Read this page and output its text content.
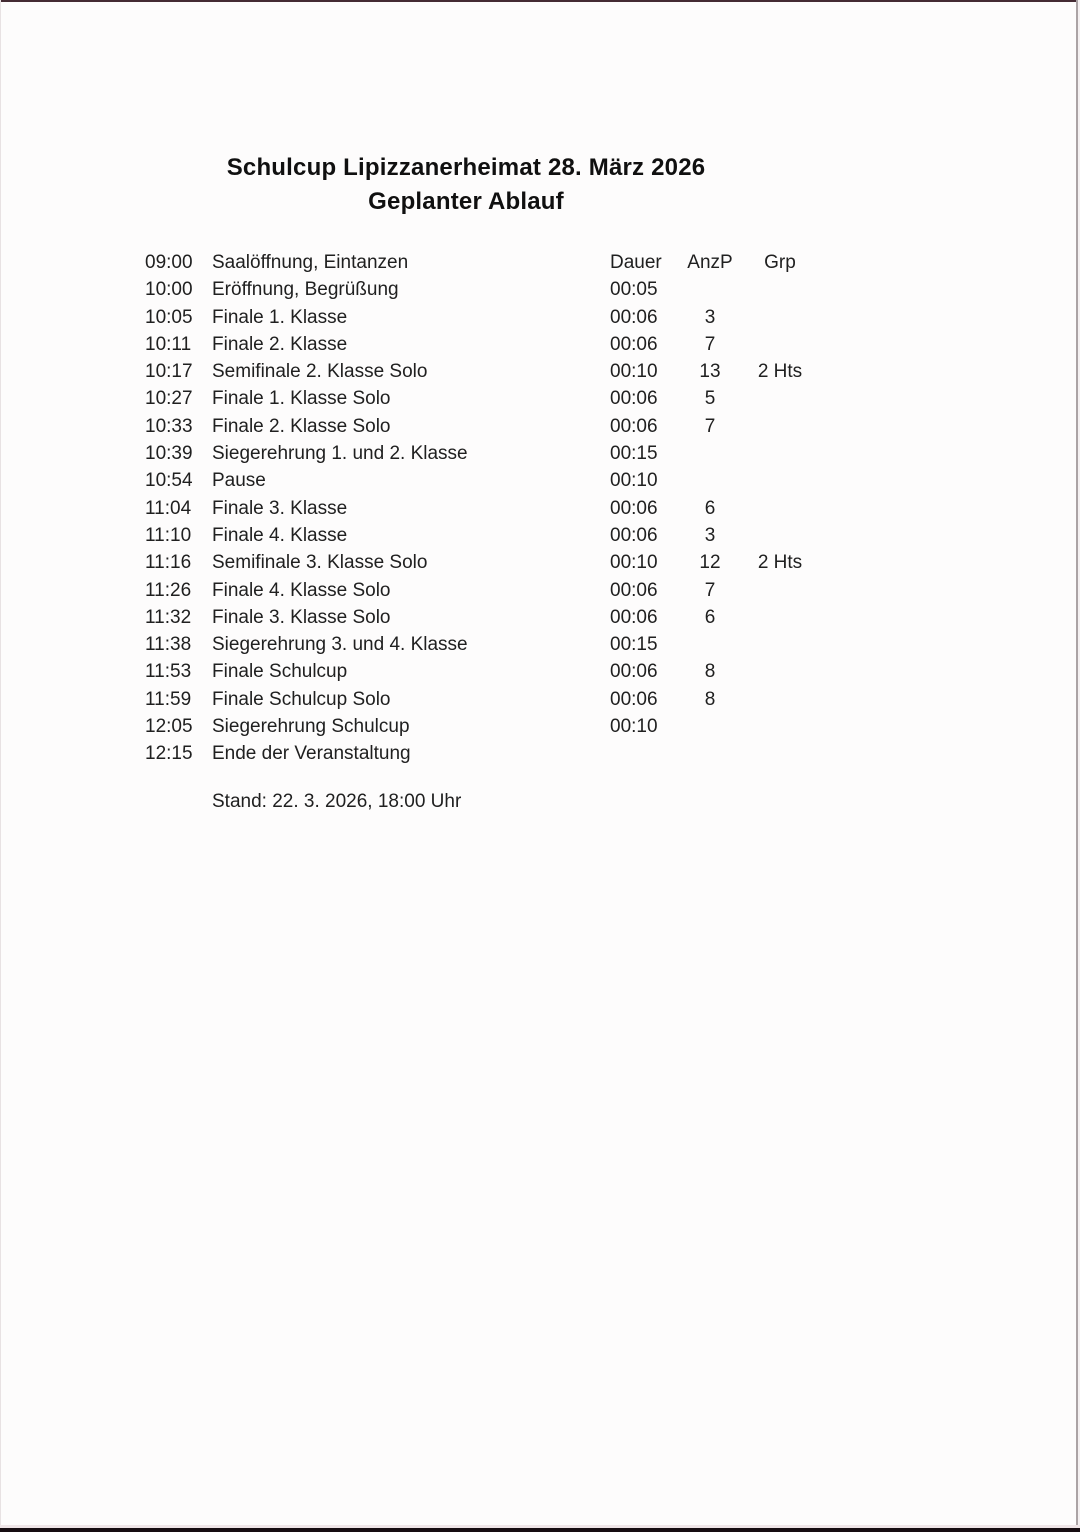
Schulcup Lipizzanerheimat 28. März 2026
Geplanter Ablauf
09:00	Saalöffnung, Eintanzen	Dauer	AnzP	Grp
10:00	Eröffnung, Begrüßung	00:05
10:05	Finale 1. Klasse	00:06	3
10:11	Finale 2. Klasse	00:06	7
10:17	Semifinale 2. Klasse Solo	00:10	13	2 Hts
10:27	Finale 1. Klasse Solo	00:06	5
10:33	Finale 2. Klasse Solo	00:06	7
10:39	Siegerehrung 1. und 2. Klasse	00:15
10:54	Pause	00:10
11:04	Finale 3. Klasse	00:06	6
11:10	Finale 4. Klasse	00:06	3
11:16	Semifinale 3. Klasse Solo	00:10	12	2 Hts
11:26	Finale 4. Klasse Solo	00:06	7
11:32	Finale 3. Klasse Solo	00:06	6
11:38	Siegerehrung 3. und 4. Klasse	00:15
11:53	Finale Schulcup	00:06	8
11:59	Finale Schulcup Solo	00:06	8
12:05	Siegerehrung Schulcup	00:10
12:15	Ende der Veranstaltung
Stand: 22. 3. 2026, 18:00 Uhr
